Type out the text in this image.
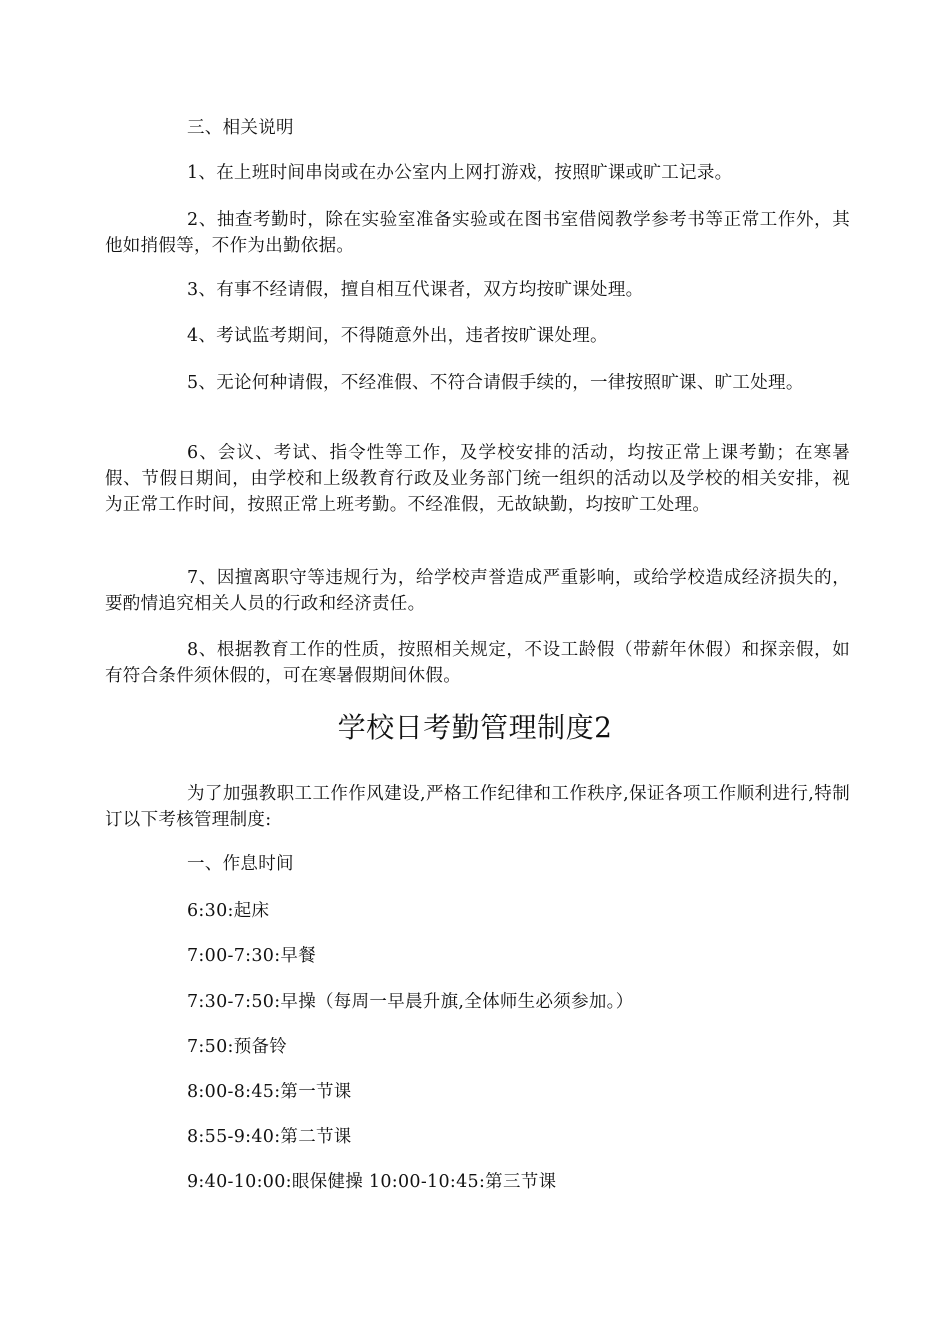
三、相关说明

1、在上班时间串岗或在办公室内上网打游戏，按照旷课或旷工记录。

2、抽查考勤时，除在实验室准备实验或在图书室借阅教学参考书等正常工作外，其他如捎假等，不作为出勤依据。

3、有事不经请假，擅自相互代课者，双方均按旷课处理。

4、考试监考期间，不得随意外出，违者按旷课处理。

5、无论何种请假，不经准假、不符合请假手续的，一律按照旷课、旷工处理。

6、会议、考试、指令性等工作，及学校安排的活动，均按正常上课考勤；在寒暑假、节假日期间，由学校和上级教育行政及业务部门统一组织的活动以及学校的相关安排，视为正常工作时间，按照正常上班考勤。不经准假，无故缺勤，均按旷工处理。

7、因擅离职守等违规行为，给学校声誉造成严重影响，或给学校造成经济损失的，要酌情追究相关人员的行政和经济责任。

8、根据教育工作的性质，按照相关规定，不设工龄假（带薪年休假）和探亲假，如有符合条件须休假的，可在寒暑假期间休假。

学校日考勤管理制度2

为了加强教职工工作作风建设,严格工作纪律和工作秩序,保证各项工作顺利进行,特制订以下考核管理制度:

一、作息时间

6:30:起床

7:00-7:30:早餐

7:30-7:50:早操（每周一早晨升旗,全体师生必须参加。）

7:50:预备铃

8:00-8:45:第一节课

8:55-9:40:第二节课

9:40-10:00:眼保健操 10:00-10:45:第三节课
